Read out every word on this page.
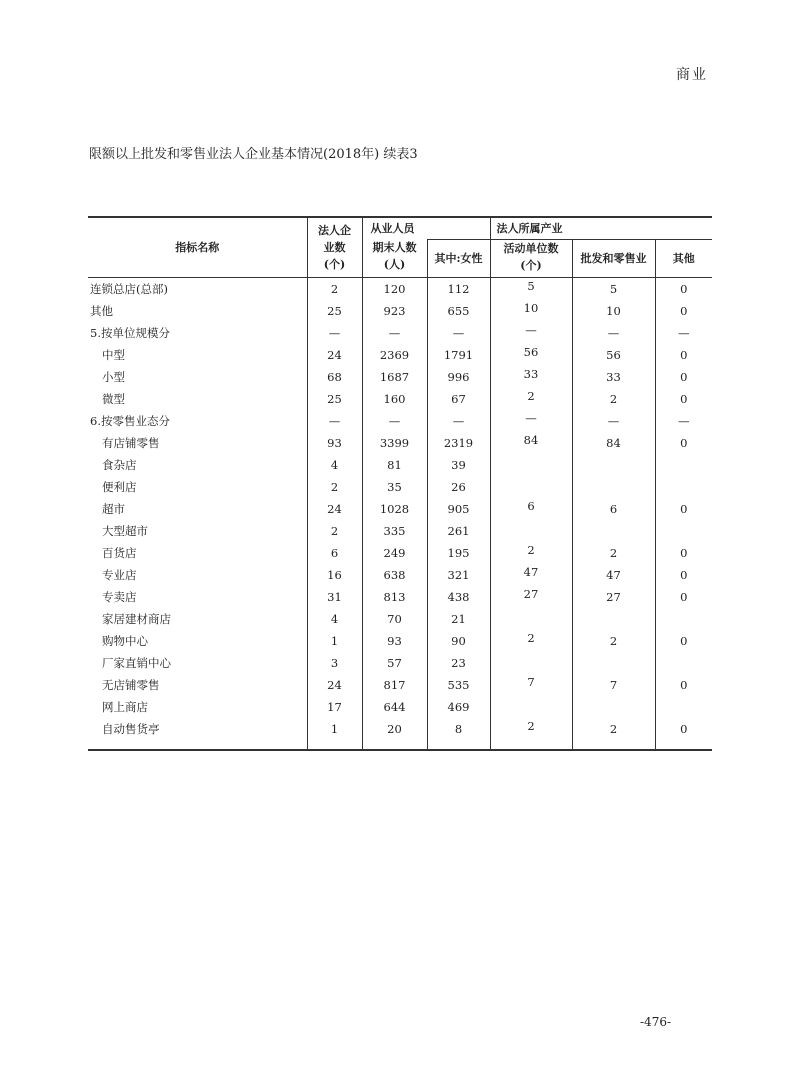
商业
限额以上批发和零售业法人企业基本情况(2018年) 续表3
指标名称	法人企业数(个)	从业人员		法人所属产业		
		期末人数(人)	其中:女性	活动单位数(个)	批发和零售业	其他
连锁总店(总部)	2	120	112	5	5	0
其他	25	923	655	10	10	0
5.按单位规模分	—	—	—	—	—	—
中型	24	2369	1791	56	56	0
小型	68	1687	996	33	33	0
微型	25	160	67	2	2	0
6.按零售业态分	—	—	—	—	—	—
有店铺零售	93	3399	2319	84	84	0
食杂店	4	81	39			
便利店	2	35	26			
超市	24	1028	905	6	6	0
大型超市	2	335	261			
百货店	6	249	195	2	2	0
专业店	16	638	321	47	47	0
专卖店	31	813	438	27	27	0
家居建材商店	4	70	21			
购物中心	1	93	90	2	2	0
厂家直销中心	3	57	23			
无店铺零售	24	817	535	7	7	0
网上商店	17	644	469			
自动售货亭	1	20	8	2	2	0
-476-
